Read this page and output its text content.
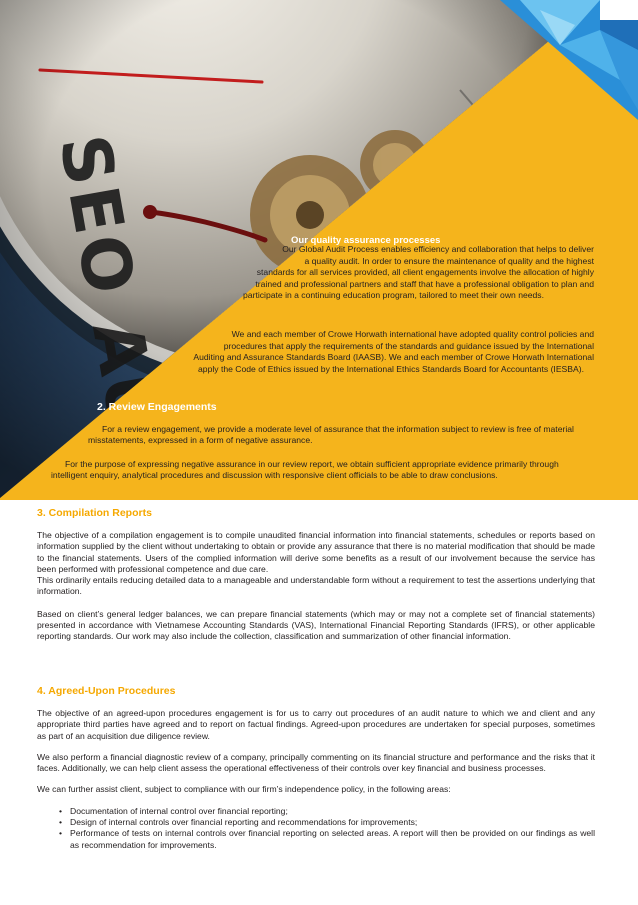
Our quality assurance processes
Our Global Audit Process enables efficiency and collaboration that helps to deliver
a quality audit. In order to ensure the maintenance of quality and the highest
standards for all services provided, all client engagements involve the allocation of highly
trained and professional partners and staff that have a professional obligation to plan and
participate in a continuing education program, tailored to meet their own needs.
We and each member of Crowe Horwath international have adopted quality control policies and
procedures that apply the requirements of the standards and guidance issued by the International
Auditing and Assurance Standards Board (IAASB). We and each member of Crowe Horwath International
apply the Code of Ethics issued by the International Ethics Standards Board for Accountants (IESBA).
2. Review Engagements
For a review engagement, we provide a moderate level of assurance that the information subject to review is free of material
misstatements, expressed in a form of negative assurance.
For the purpose of expressing negative assurance in our review report, we obtain sufficient appropriate evidence primarily through
intelligent enquiry, analytical procedures and discussion with responsive client officials to be able to draw conclusions.
3. Compilation Reports

The objective of a compilation engagement is to compile unaudited financial information into financial statements, schedules or reports based on information supplied by the client without undertaking to obtain or provide any assurance that there is no material modification that should be made to the financial statements. Users of the complied information will derive some benefits as a result of our involvement because the service has been performed with professional competence and due care.

This ordinarily entails reducing detailed data to a manageable and understandable form without a requirement to test the assertions underlying that information.

Based on client’s general ledger balances, we can prepare financial statements (which may or may not a complete set of financial statements) presented in accordance with Vietnamese Accounting Standards (VAS), International Financial Reporting Standards (IFRS), or other applicable reporting standards. Our work may also include the collection, classification and summarization of other financial information.

4. Agreed-Upon Procedures

The objective of an agreed-upon procedures engagement is for us to carry out procedures of an audit nature to which we and client and any appropriate third parties have agreed and to report on factual findings. Agreed-upon procedures are undertaken for special purposes, sometimes as part of an acquisition due diligence review.

We also perform a financial diagnostic review of a company, principally commenting on its financial structure and performance and the risks that it faces. Additionally, we can help client assess the operational effectiveness of their controls over key financial and business processes.

We can further assist client, subject to compliance with our firm’s independence policy, in the following areas:

• Documentation of internal control over financial reporting;
• Design of internal controls over financial reporting and recommendations for improvements;
• Performance of tests on internal controls over financial reporting on selected areas. A report will then be provided on our findings as well as recommendation for improvements.
